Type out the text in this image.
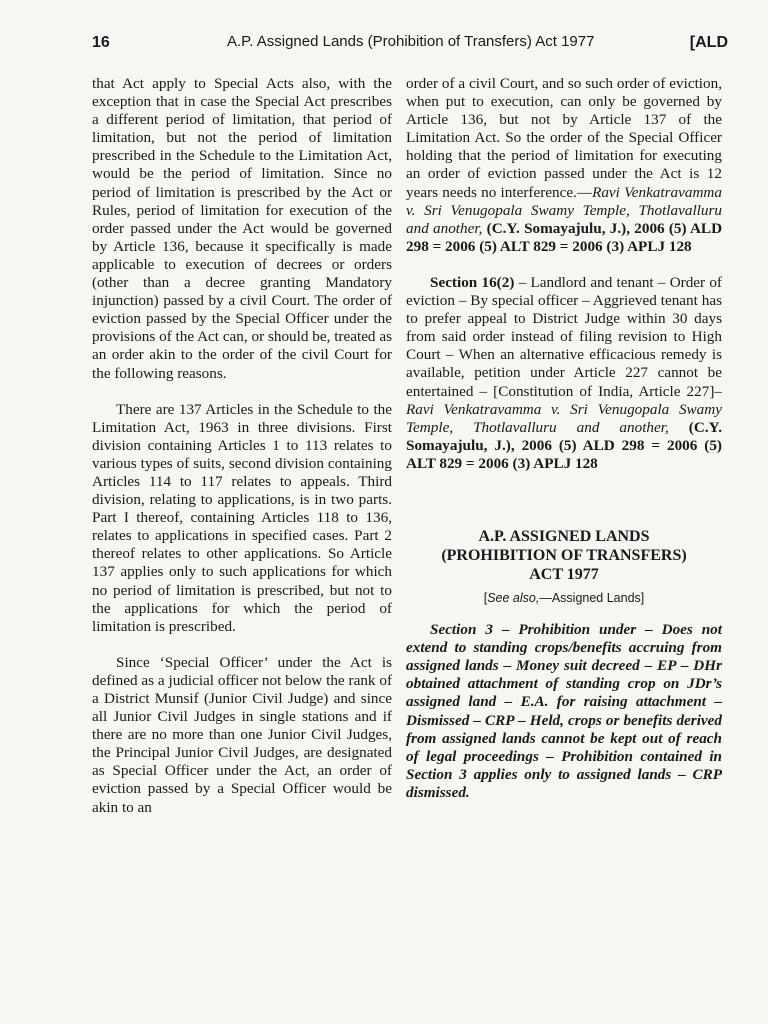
16	A.P. Assigned Lands (Prohibition of Transfers) Act 1977	[ALD

that Act apply to Special Acts also, with the exception that in case the Special Act prescribes a different period of limitation, that period of limitation, but not the period of limitation prescribed in the Schedule to the Limitation Act, would be the period of limitation. Since no period of limitation is prescribed by the Act or Rules, period of limitation for execution of the order passed under the Act would be governed by Article 136, because it specifically is made applicable to execution of decrees or orders (other than a decree granting Mandatory injunction) passed by a civil Court. The order of eviction passed by the Special Officer under the provisions of the Act can, or should be, treated as an order akin to the order of the civil Court for the following reasons.

There are 137 Articles in the Schedule to the Limitation Act, 1963 in three divisions. First division containing Articles 1 to 113 relates to various types of suits, second division containing Articles 114 to 117 relates to appeals. Third division, relating to applications, is in two parts. Part I thereof, containing Articles 118 to 136, relates to applications in specified cases. Part 2 thereof relates to other applications. So Article 137 applies only to such applications for which no period of limitation is prescribed, but not to the applications for which the period of limitation is prescribed.

Since ‘Special Officer’ under the Act is defined as a judicial officer not below the rank of a District Munsif (Junior Civil Judge) and since all Junior Civil Judges in single stations and if there are no more than one Junior Civil Judges, the Principal Junior Civil Judges, are designated as Special Officer under the Act, an order of eviction passed by a Special Officer would be akin to an

order of a civil Court, and so such order of eviction, when put to execution, can only be governed by Article 136, but not by Article 137 of the Limitation Act. So the order of the Special Officer holding that the period of limitation for executing an order of eviction passed under the Act is 12 years needs no interference.—Ravi Venkatravamma v. Sri Venugopala Swamy Temple, Thotlavalluru and another, (C.Y. Somayajulu, J.), 2006 (5) ALD 298 = 2006 (5) ALT 829 = 2006 (3) APLJ 128

Section 16(2) – Landlord and tenant – Order of eviction – By special officer – Aggrieved tenant has to prefer appeal to District Judge within 30 days from said order instead of filing revision to High Court – When an alternative efficacious remedy is available, petition under Article 227 cannot be entertained – [Constitution of India, Article 227]–Ravi Venkatravamma v. Sri Venugopala Swamy Temple, Thotlavalluru and another, (C.Y. Somayajulu, J.), 2006 (5) ALD 298 = 2006 (5) ALT 829 = 2006 (3) APLJ 128

A.P. ASSIGNED LANDS
(PROHIBITION OF TRANSFERS)
ACT 1977
[See also,—Assigned Lands]

Section 3 – Prohibition under – Does not extend to standing crops/benefits accruing from assigned lands – Money suit decreed – EP – DHr obtained attachment of standing crop on JDr’s assigned land – E.A. for raising attachment – Dismissed – CRP – Held, crops or benefits derived from assigned lands cannot be kept out of reach of legal proceedings – Prohibition contained in Section 3 applies only to assigned lands – CRP dismissed.
